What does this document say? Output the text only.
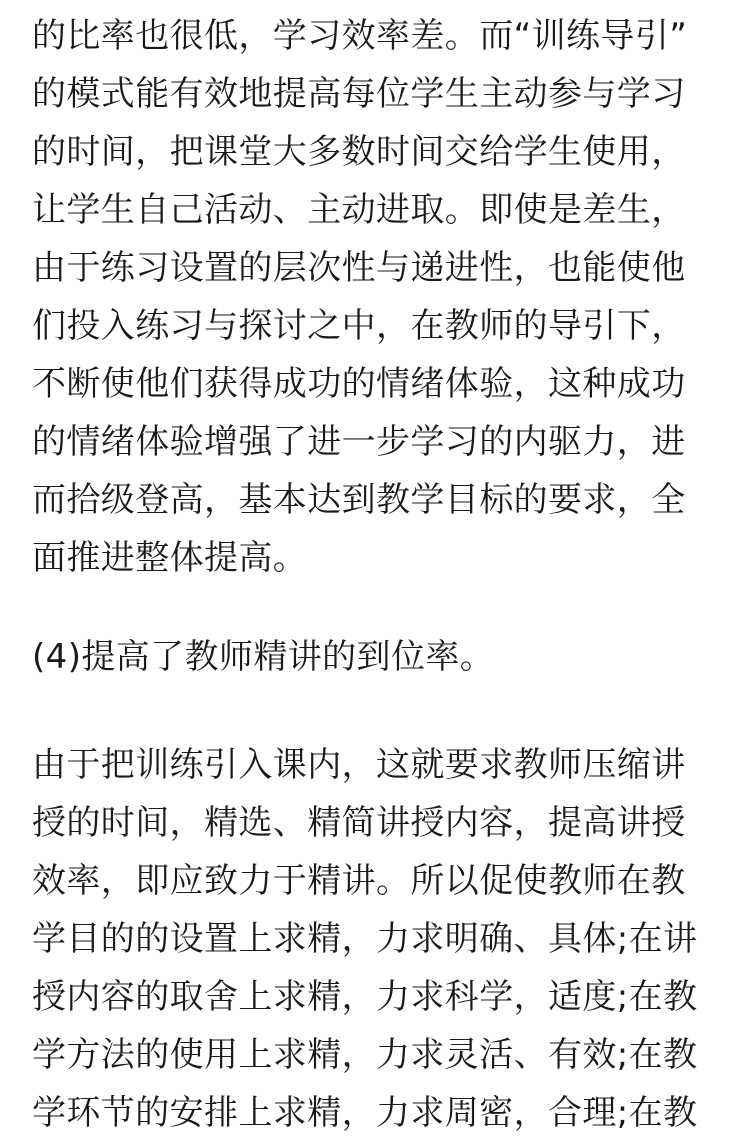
的比率也很低，学习效率差。而“训练导引”
的模式能有效地提高每位学生主动参与学习
的时间，把课堂大多数时间交给学生使用，
让学生自己活动、主动进取。即使是差生，
由于练习设置的层次性与递进性，也能使他
们投入练习与探讨之中，在教师的导引下，
不断使他们获得成功的情绪体验，这种成功
的情绪体验增强了进一步学习的内驱力，进
而拾级登高，基本达到教学目标的要求，全
面推进整体提高。
(4)提高了教师精讲的到位率。
由于把训练引入课内，这就要求教师压缩讲
授的时间，精选、精简讲授内容，提高讲授
效率，即应致力于精讲。所以促使教师在教
学目的的设置上求精，力求明确、具体;在讲
授内容的取舍上求精，力求科学，适度;在教
学方法的使用上求精，力求灵活、有效;在教
学环节的安排上求精，力求周密，合理;在教
